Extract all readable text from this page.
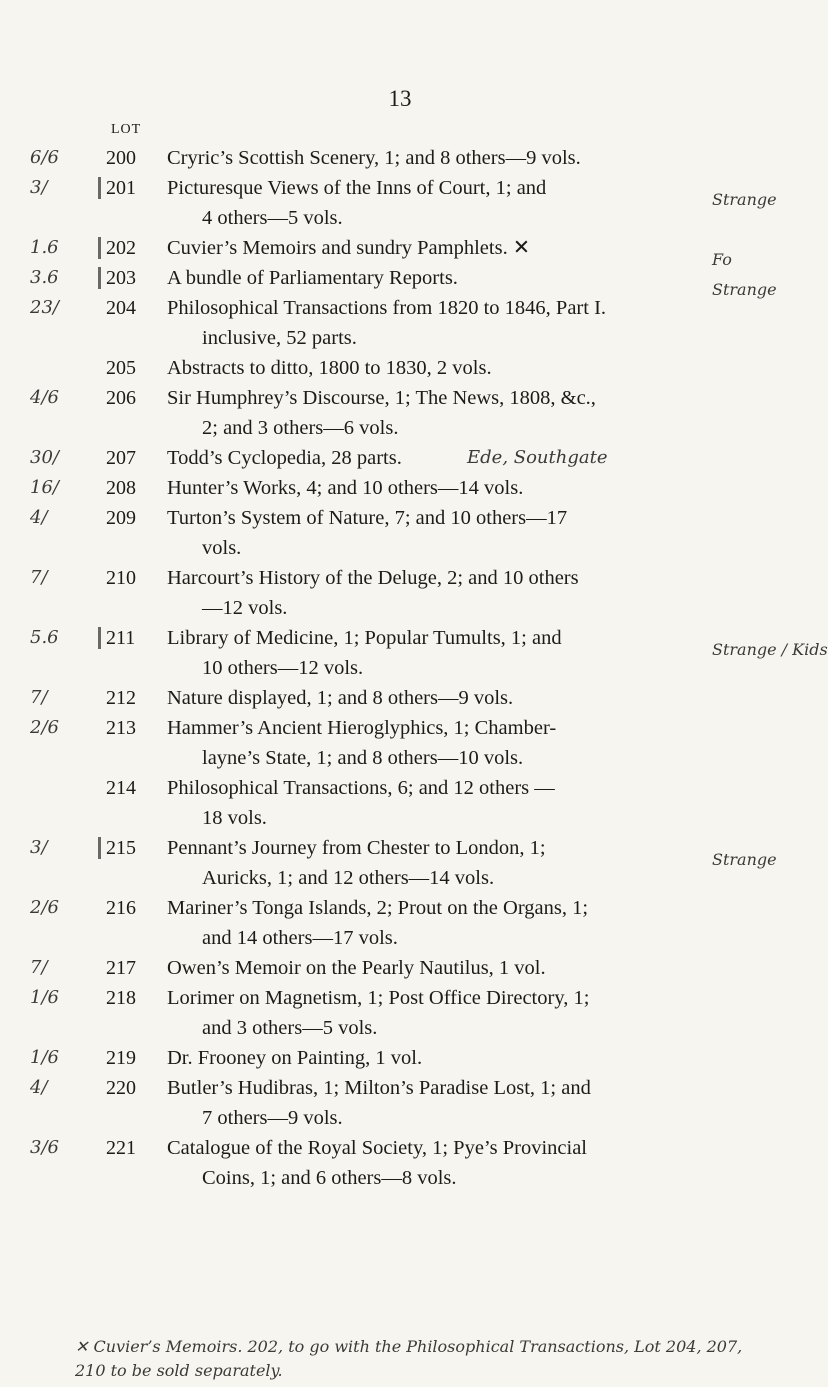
13
LOT
6/6 200	Cryric’s Scottish Scenery, 1; and 8 others—9 vols.
3/	201	Picturesque Views of the Inns of Court, 1; and
4 others—5 vols.
Strange
1.6 202	Cuvier’s Memoirs and sundry Pamphlets. ✕
Fo
3.6 203	A bundle of Parliamentary Reports.
Strange
23/ 204	Philosophical Transactions from 1820 to 1846, Part I.
inclusive, 52 parts.
205	Abstracts to ditto, 1800 to 1830, 2 vols.
4/6 206	Sir Humphrey’s Discourse, 1; The News, 1808, &c.,
2; and 3 others—6 vols.
30/ 207	Todd’s Cyclopedia, 28 parts.	Ede, Southgate
16/ 208	Hunter’s Works, 4; and 10 others—14 vols.
4/	209	Turton’s System of Nature, 7; and 10 others—17
vols.
7/	210	Harcourt’s History of the Deluge, 2; and 10 others
—12 vols.
5.6 211	Library of Medicine, 1; Popular Tumults, 1; and
10 others—12 vols.
Strange / Kids
7/	212	Nature displayed, 1; and 8 others—9 vols.
2/6 213	Hammer’s Ancient Hieroglyphics, 1; Chamber-
layne’s State, 1; and 8 others—10 vols.
214	Philosophical Transactions, 6; and 12 others —
18 vols.
3/	215	Pennant’s Journey from Chester to London, 1;
Auricks, 1; and 12 others—14 vols.
Strange
2/6 216	Mariner’s Tonga Islands, 2; Prout on the Organs, 1;
and 14 others—17 vols.
7/	217	Owen’s Memoir on the Pearly Nautilus, 1 vol.
1/6 218	Lorimer on Magnetism, 1; Post Office Directory, 1;
and 3 others—5 vols.
1/6 219	Dr. Frooney on Painting, 1 vol.
4/	220	Butler’s Hudibras, 1; Milton’s Paradise Lost, 1; and
7 others—9 vols.
3/6 221	Catalogue of the Royal Society, 1; Pye’s Provincial
Coins, 1; and 6 others—8 vols.
✕ Cuvier’s Memoirs. 202, to go with the Philosophical Transactions, Lot 204, 207, 210 to be sold separately.
